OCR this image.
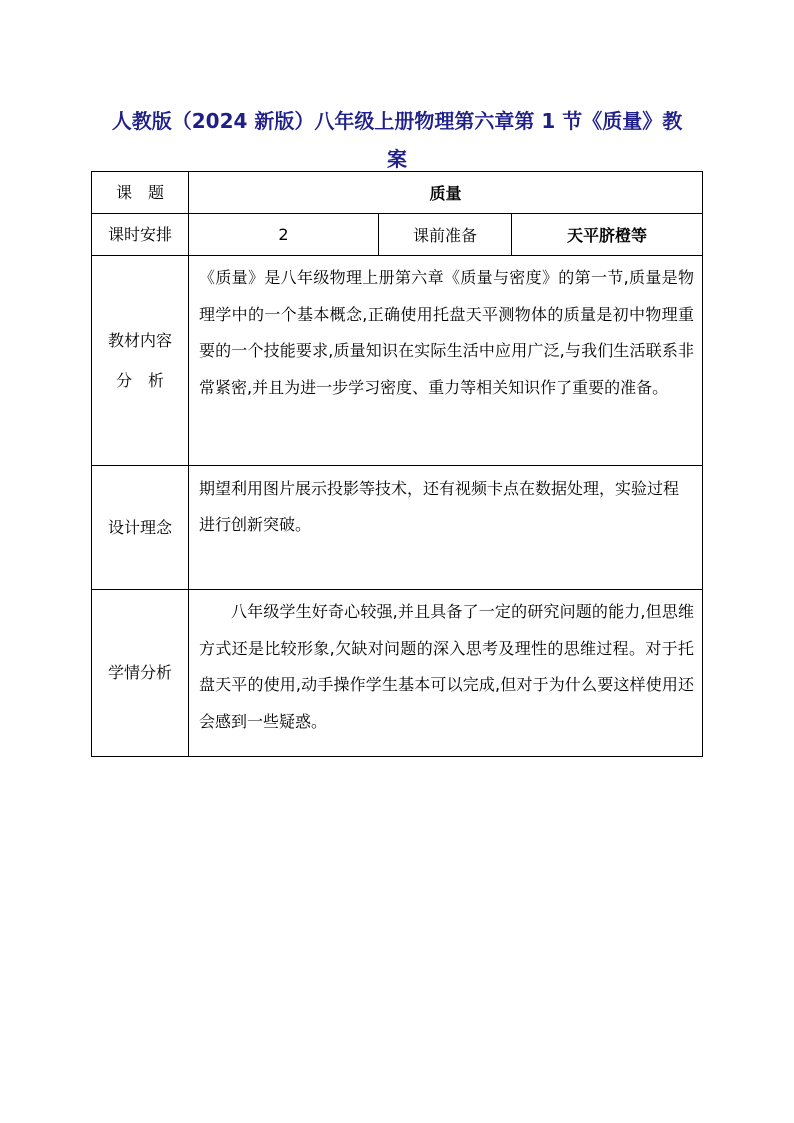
人教版（2024 新版）八年级上册物理第六章第 1 节《质量》教案
课　题	质量		
课时安排	2	课前准备	天平脐橙等

教材内容
分　析	《质量》是八年级物理上册第六章《质量与密度》的第一节,质量是物理学中的一个基本概念,正确使用托盘天平测物体的质量是初中物理重要的一个技能要求,质量知识在实际生活中应用广泛,与我们生活联系非常紧密,并且为进一步学习密度、重力等相关知识作了重要的准备。		
设计理念	期望利用图片展示投影等技术，还有视频卡点在数据处理，实验过程进行创新突破。		
学情分析	八年级学生好奇心较强,并且具备了一定的研究问题的能力,但思维方式还是比较形象,欠缺对问题的深入思考及理性的思维过程。对于托盘天平的使用,动手操作学生基本可以完成,但对于为什么要这样使用还会感到一些疑惑。		
